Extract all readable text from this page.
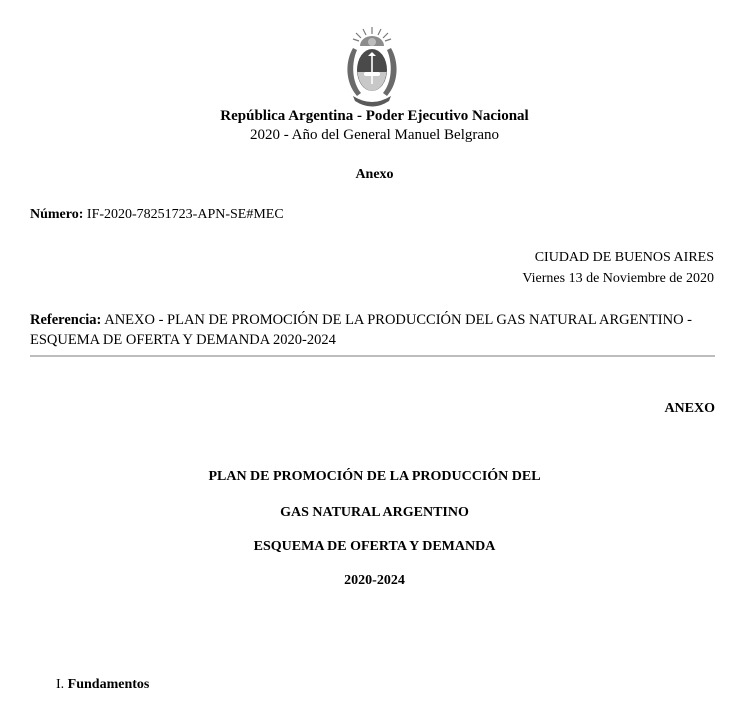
República Argentina - Poder Ejecutivo Nacional
2020 - Año del General Manuel Belgrano
Anexo
Número: IF-2020-78251723-APN-SE#MEC
CIUDAD DE BUENOS AIRES
Viernes 13 de Noviembre de 2020
Referencia: ANEXO - PLAN DE PROMOCIÓN DE LA PRODUCCIÓN DEL GAS NATURAL ARGENTINO - ESQUEMA DE OFERTA Y DEMANDA 2020-2024
ANEXO
PLAN DE PROMOCIÓN DE LA PRODUCCIÓN DEL
GAS NATURAL ARGENTINO
ESQUEMA DE OFERTA Y DEMANDA
2020-2024
I. Fundamentos
